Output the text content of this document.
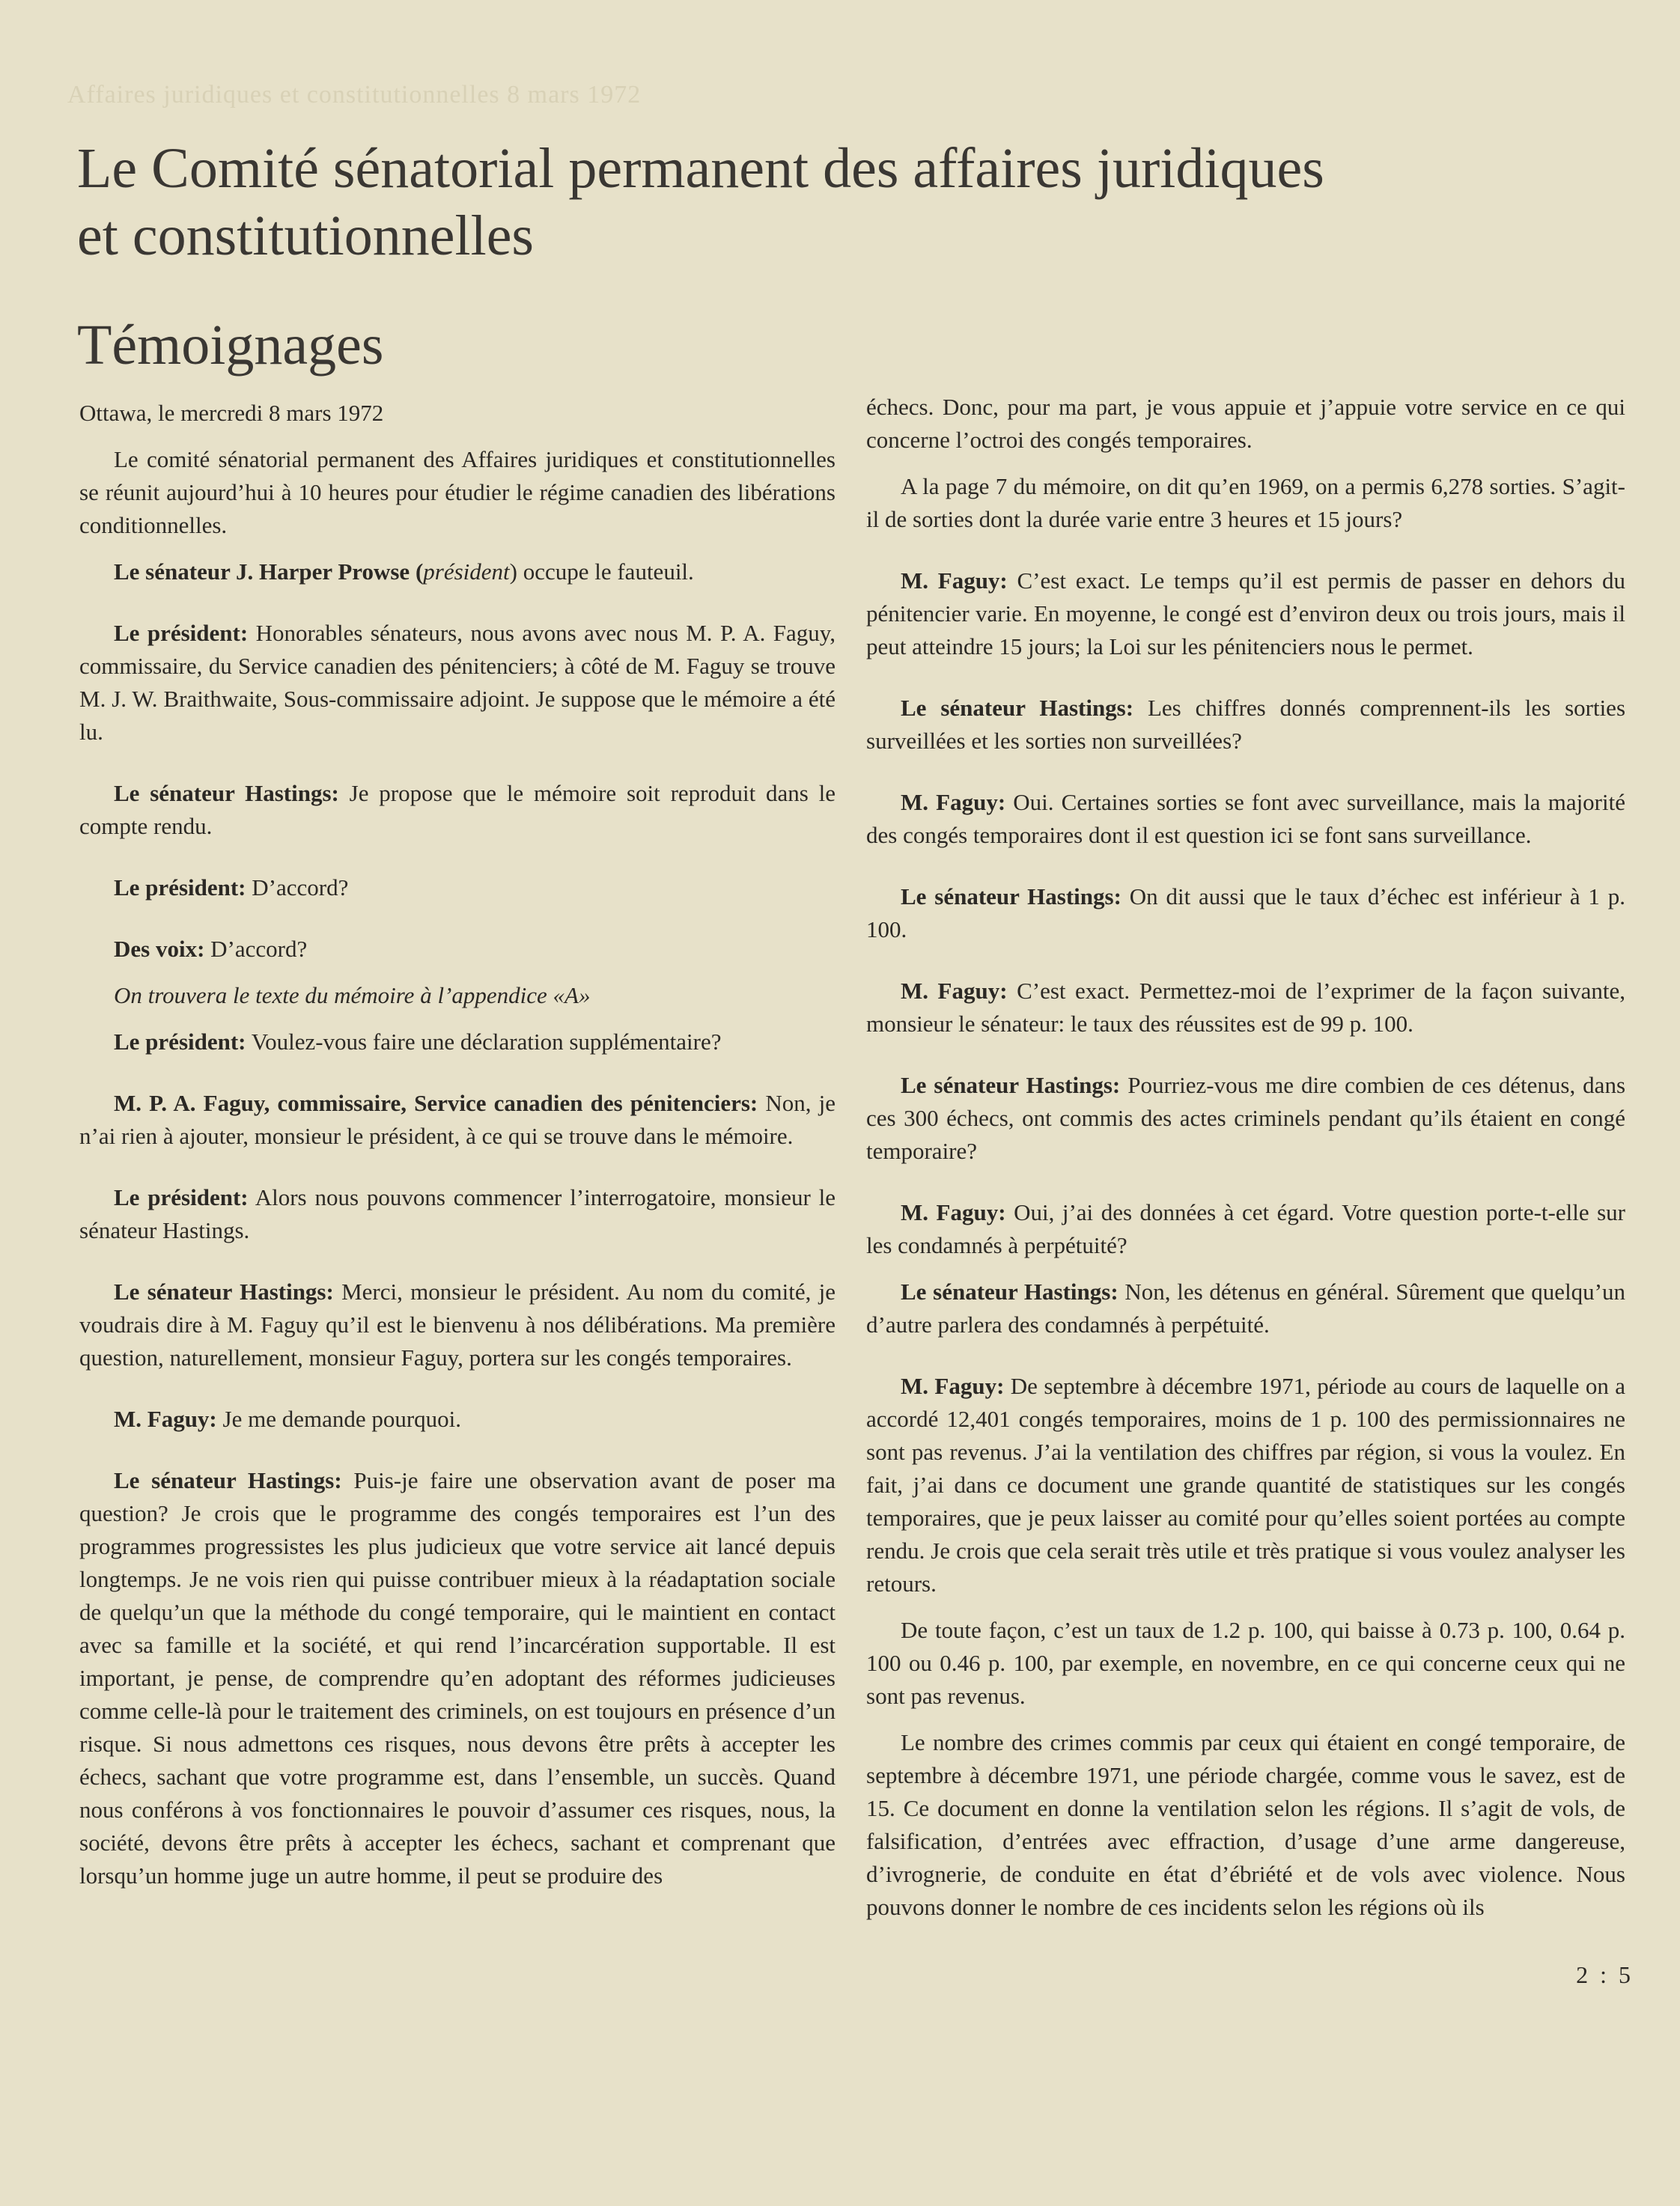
Affaires juridiques et constitutionnelles 8 mars 1972
Le Comité sénatorial permanent des affaires juridiques et constitutionnelles
Témoignages

Ottawa, le mercredi 8 mars 1972

Le comité sénatorial permanent des Affaires juridiques et constitutionnelles se réunit aujourd’hui à 10 heures pour étudier le régime canadien des libérations conditionnelles.

Le sénateur J. Harper Prowse (président) occupe le fauteuil.

Le président: Honorables sénateurs, nous avons avec nous M. P. A. Faguy, commissaire, du Service canadien des pénitenciers; à côté de M. Faguy se trouve M. J. W. Braithwaite, Sous-commissaire adjoint. Je suppose que le mémoire a été lu.

Le sénateur Hastings: Je propose que le mémoire soit reproduit dans le compte rendu.

Le président: D’accord?

Des voix: D’accord?

On trouvera le texte du mémoire à l’appendice «A»

Le président: Voulez-vous faire une déclaration supplémentaire?

M. P. A. Faguy, commissaire, Service canadien des pénitenciers: Non, je n’ai rien à ajouter, monsieur le président, à ce qui se trouve dans le mémoire.

Le président: Alors nous pouvons commencer l’interrogatoire, monsieur le sénateur Hastings.

Le sénateur Hastings: Merci, monsieur le président. Au nom du comité, je voudrais dire à M. Faguy qu’il est le bienvenu à nos délibérations. Ma première question, naturellement, monsieur Faguy, portera sur les congés temporaires.

M. Faguy: Je me demande pourquoi.

Le sénateur Hastings: Puis-je faire une observation avant de poser ma question? Je crois que le programme des congés temporaires est l’un des programmes progressistes les plus judicieux que votre service ait lancé depuis longtemps. Je ne vois rien qui puisse contribuer mieux à la réadaptation sociale de quelqu’un que la méthode du congé temporaire, qui le maintient en contact avec sa famille et la société, et qui rend l’incarcération supportable. Il est important, je pense, de comprendre qu’en adoptant des réformes judicieuses comme celle-là pour le traitement des criminels, on est toujours en présence d’un risque. Si nous admettons ces risques, nous devons être prêts à accepter les échecs, sachant que votre programme est, dans l’ensemble, un succès. Quand nous conférons à vos fonctionnaires le pouvoir d’assumer ces risques, nous, la société, devons être prêts à accepter les échecs, sachant et comprenant que lorsqu’un homme juge un autre homme, il peut se produire des

échecs. Donc, pour ma part, je vous appuie et j’appuie votre service en ce qui concerne l’octroi des congés temporaires.

A la page 7 du mémoire, on dit qu’en 1969, on a permis 6,278 sorties. S’agit-il de sorties dont la durée varie entre 3 heures et 15 jours?

M. Faguy: C’est exact. Le temps qu’il est permis de passer en dehors du pénitencier varie. En moyenne, le congé est d’environ deux ou trois jours, mais il peut atteindre 15 jours; la Loi sur les pénitenciers nous le permet.

Le sénateur Hastings: Les chiffres donnés comprennent-ils les sorties surveillées et les sorties non surveillées?

M. Faguy: Oui. Certaines sorties se font avec surveillance, mais la majorité des congés temporaires dont il est question ici se font sans surveillance.

Le sénateur Hastings: On dit aussi que le taux d’échec est inférieur à 1 p. 100.

M. Faguy: C’est exact. Permettez-moi de l’exprimer de la façon suivante, monsieur le sénateur: le taux des réussites est de 99 p. 100.

Le sénateur Hastings: Pourriez-vous me dire combien de ces détenus, dans ces 300 échecs, ont commis des actes criminels pendant qu’ils étaient en congé temporaire?

M. Faguy: Oui, j’ai des données à cet égard. Votre question porte-t-elle sur les condamnés à perpétuité?

Le sénateur Hastings: Non, les détenus en général. Sûrement que quelqu’un d’autre parlera des condamnés à perpétuité.

M. Faguy: De septembre à décembre 1971, période au cours de laquelle on a accordé 12,401 congés temporaires, moins de 1 p. 100 des permissionnaires ne sont pas revenus. J’ai la ventilation des chiffres par région, si vous la voulez. En fait, j’ai dans ce document une grande quantité de statistiques sur les congés temporaires, que je peux laisser au comité pour qu’elles soient portées au compte rendu. Je crois que cela serait très utile et très pratique si vous voulez analyser les retours.

De toute façon, c’est un taux de 1.2 p. 100, qui baisse à 0.73 p. 100, 0.64 p. 100 ou 0.46 p. 100, par exemple, en novembre, en ce qui concerne ceux qui ne sont pas revenus.

Le nombre des crimes commis par ceux qui étaient en congé temporaire, de septembre à décembre 1971, une période chargée, comme vous le savez, est de 15. Ce document en donne la ventilation selon les régions. Il s’agit de vols, de falsification, d’entrées avec effraction, d’usage d’une arme dangereuse, d’ivrognerie, de conduite en état d’ébriété et de vols avec violence. Nous pouvons donner le nombre de ces incidents selon les régions où ils

2 : 5
